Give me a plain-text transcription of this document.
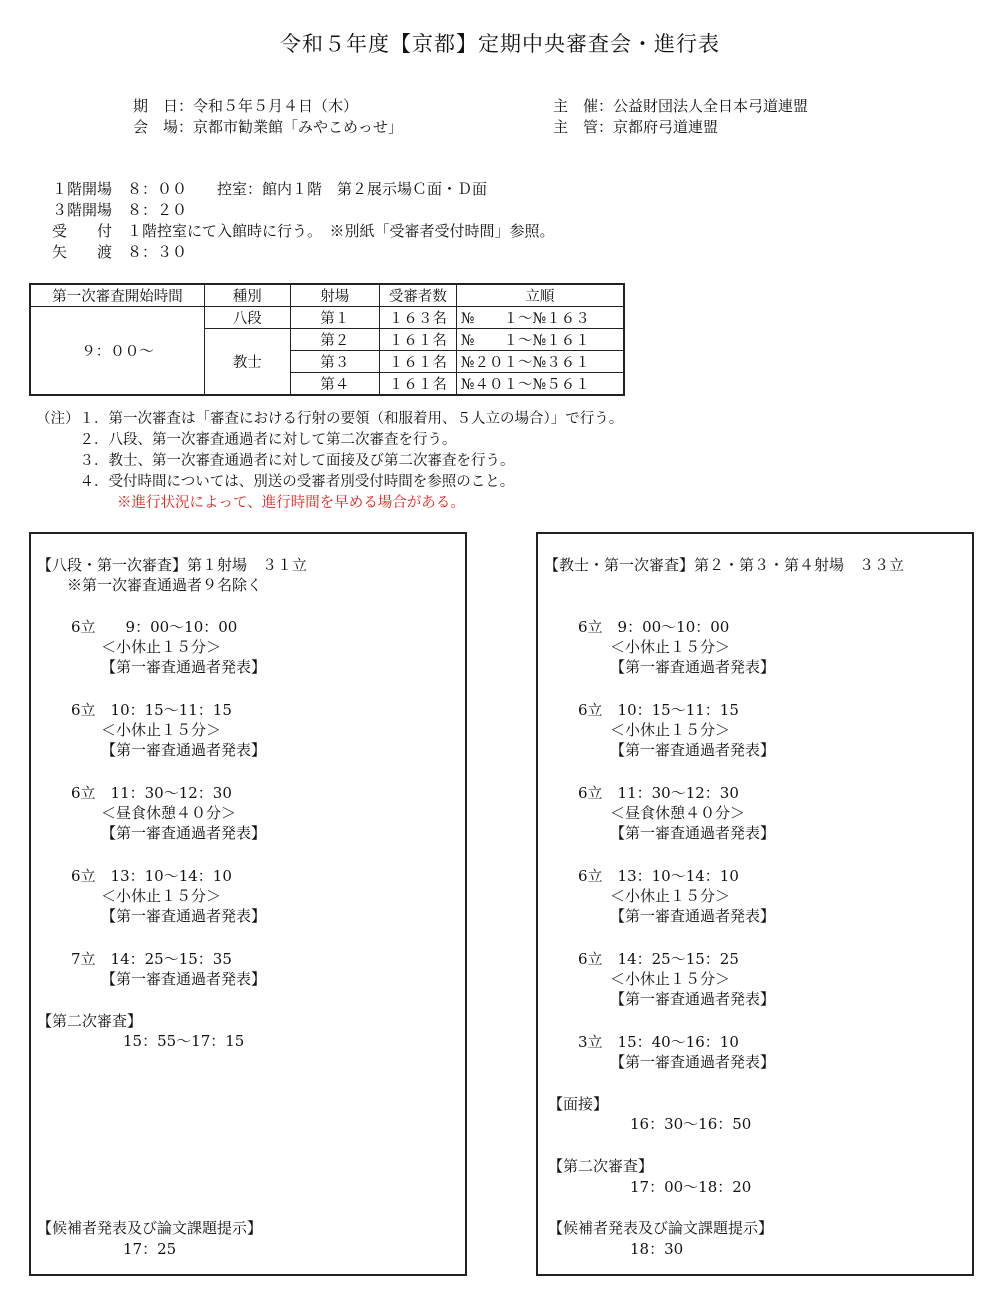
令和５年度【京都】定期中央審査会・進行表
期　日：令和５年５月４日（木）
会　場：京都市勧業館「みやこめっせ」
主　催：公益財団法人全日本弓道連盟
主　管：京都府弓道連盟
１階開場　８：００　　控室：館内１階　第２展示場Ｃ面・Ｄ面
３階開場　８：２０
受　　付　１階控室にて入館時に行う。　※別紙「受審者受付時間」参照。
矢　　渡　８：３０
第一次審査開始時間	種別	射場	受審者数	立順
９：００〜	八段	第１	１６３名	№　　１〜№１６３
	教士	第２	１６１名	№　　１〜№１６１
		第３	１６１名	№２０１〜№３６１
		第４	１６１名	№４０１〜№５６１
（注）１．第一次審査は「審査における行射の要領（和服着用、５人立の場合）」で行う。
　　　２．八段、第一次審査通過者に対して第二次審査を行う。
　　　３．教士、第一次審査通過者に対して面接及び第二次審査を行う。
　　　４．受付時間については、別送の受審者別受付時間を参照のこと。
※進行状況によって、進行時間を早める場合がある。
【八段・第一次審査】第１射場　３１立
※第一次審査通過者９名除く
6立　　9：00〜10：00
＜小休止１５分＞
【第一審査通過者発表】
6立　10：15〜11：15
＜小休止１５分＞
【第一審査通過者発表】
6立　11：30〜12：30
＜昼食休憩４０分＞
【第一審査通過者発表】
6立　13：10〜14：10
＜小休止１５分＞
【第一審査通過者発表】
7立　14：25〜15：35
【第一審査通過者発表】
【第二次審査】
15：55〜17：15
【候補者発表及び論文課題提示】
17：25
【教士・第一次審査】第２・第３・第４射場　３３立
6立　9：00〜10：00
＜小休止１５分＞
【第一審査通過者発表】
6立　10：15〜11：15
＜小休止１５分＞
【第一審査通過者発表】
6立　11：30〜12：30
＜昼食休憩４０分＞
【第一審査通過者発表】
6立　13：10〜14：10
＜小休止１５分＞
【第一審査通過者発表】
6立　14：25〜15：25
＜小休止１５分＞
【第一審査通過者発表】
3立　15：40〜16：10
【第一審査通過者発表】
【面接】
16：30〜16：50
【第二次審査】
17：00〜18：20
【候補者発表及び論文課題提示】
18：30
